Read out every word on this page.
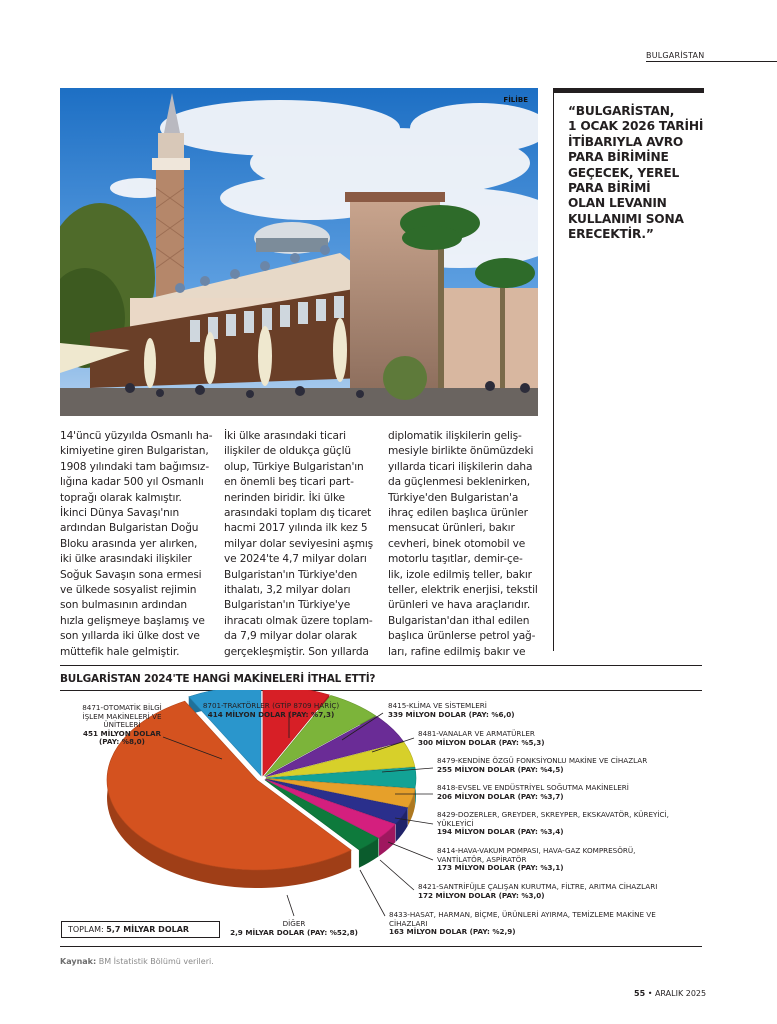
BULGARİSTAN
FİLİBE
“BULGARİSTAN,
1 OCAK 2026 TARİHİ
İTİBARIYLA AVRO
PARA BİRİMİNE
GEÇECEK, YEREL
PARA BİRİMİ
OLAN LEVANIN
KULLANIMI SONA
ERECEKTİR.”
14'üncü yüzyılda Osmanlı ha-
kimiyetine giren Bulgaristan,
1908 yılındaki tam bağımsız-
lığına kadar 500 yıl Osmanlı
toprağı olarak kalmıştır.
İkinci Dünya Savaşı'nın
ardından Bulgaristan Doğu
Bloku arasında yer alırken,
iki ülke arasındaki ilişkiler
Soğuk Savaşın sona ermesi
ve ülkede sosyalist rejimin
son bulmasının ardından
hızla gelişmeye başlamış ve
son yıllarda iki ülke dost ve
müttefik hale gelmiştir.
İki ülke arasındaki ticari
ilişkiler de oldukça güçlü
olup, Türkiye Bulgaristan'ın
en önemli beş ticari part-
nerinden biridir. İki ülke
arasındaki toplam dış ticaret
hacmi 2017 yılında ilk kez 5
milyar dolar seviyesini aşmış
ve 2024'te 4,7 milyar doları
Bulgaristan'ın Türkiye'den
ithalatı, 3,2 milyar doları
Bulgaristan'ın Türkiye'ye
ihracatı olmak üzere toplam-
da 7,9 milyar dolar olarak
gerçekleşmiştir. Son yıllarda
diplomatik ilişkilerin geliş-
mesiyle birlikte önümüzdeki
yıllarda ticari ilişkilerin daha
da güçlenmesi beklenirken,
Türkiye'den Bulgaristan'a
ihraç edilen başlıca ürünler
mensucat ürünleri, bakır
cevheri, binek otomobil ve
motorlu taşıtlar, demir-çe-
lik, izole edilmiş teller, bakır
teller, elektrik enerjisi, tekstil
ürünleri ve hava araçlarıdır.
Bulgaristan'dan ithal edilen
başlıca ürünlerse petrol yağ-
ları, rafine edilmiş bakır ve
BULGARİSTAN 2024'TE HANGİ MAKİNELERİ İTHAL ETTİ?
8471-OTOMATİK BİLGİ
İŞLEM MAKİNELERİ VE
ÜNİTELERİ
451 MİLYON DOLAR
(PAY: %8,0)
8701-TRAKTÖRLER (GTİP 8709 HARİÇ)
414 MİLYON DOLAR (PAY: %7,3)
8415-KLİMA VE SİSTEMLERİ
339 MİLYON DOLAR (PAY: %6,0)
8481-VANALAR VE ARMATÜRLER
300 MİLYON DOLAR (PAY: %5,3)
8479-KENDİNE ÖZGÜ FONKSİYONLU MAKİNE VE CİHAZLAR
255 MİLYON DOLAR (PAY: %4,5)
8418-EVSEL VE ENDÜSTRİYEL SOĞUTMA MAKİNELERİ
206 MİLYON DOLAR (PAY: %3,7)
8429-DOZERLER, GREYDER, SKREYPER, EKSKAVATÖR, KÜREYİCİ,
YÜKLEYİCİ
194 MİLYON DOLAR (PAY: %3,4)
8414-HAVA-VAKUM POMPASI, HAVA-GAZ KOMPRESÖRÜ,
VANTİLATÖR, ASPİRATÖR
173 MİLYON DOLAR (PAY: %3,1)
8421-SANTRİFÜJLE ÇALIŞAN KURUTMA, FİLTRE, ARITMA CİHAZLARI
172 MİLYON DOLAR (PAY: %3,0)
8433-HASAT, HARMAN, BİÇME, ÜRÜNLERİ AYIRMA, TEMİZLEME MAKİNE VE
CİHAZLARI
163 MİLYON DOLAR (PAY: %2,9)
DİĞER
2,9 MİLYAR DOLAR (PAY: %52,8)
TOPLAM: 5,7 MİLYAR DOLAR
Kaynak: BM İstatistik Bölümü verileri.
55 • ARALIK 2025
